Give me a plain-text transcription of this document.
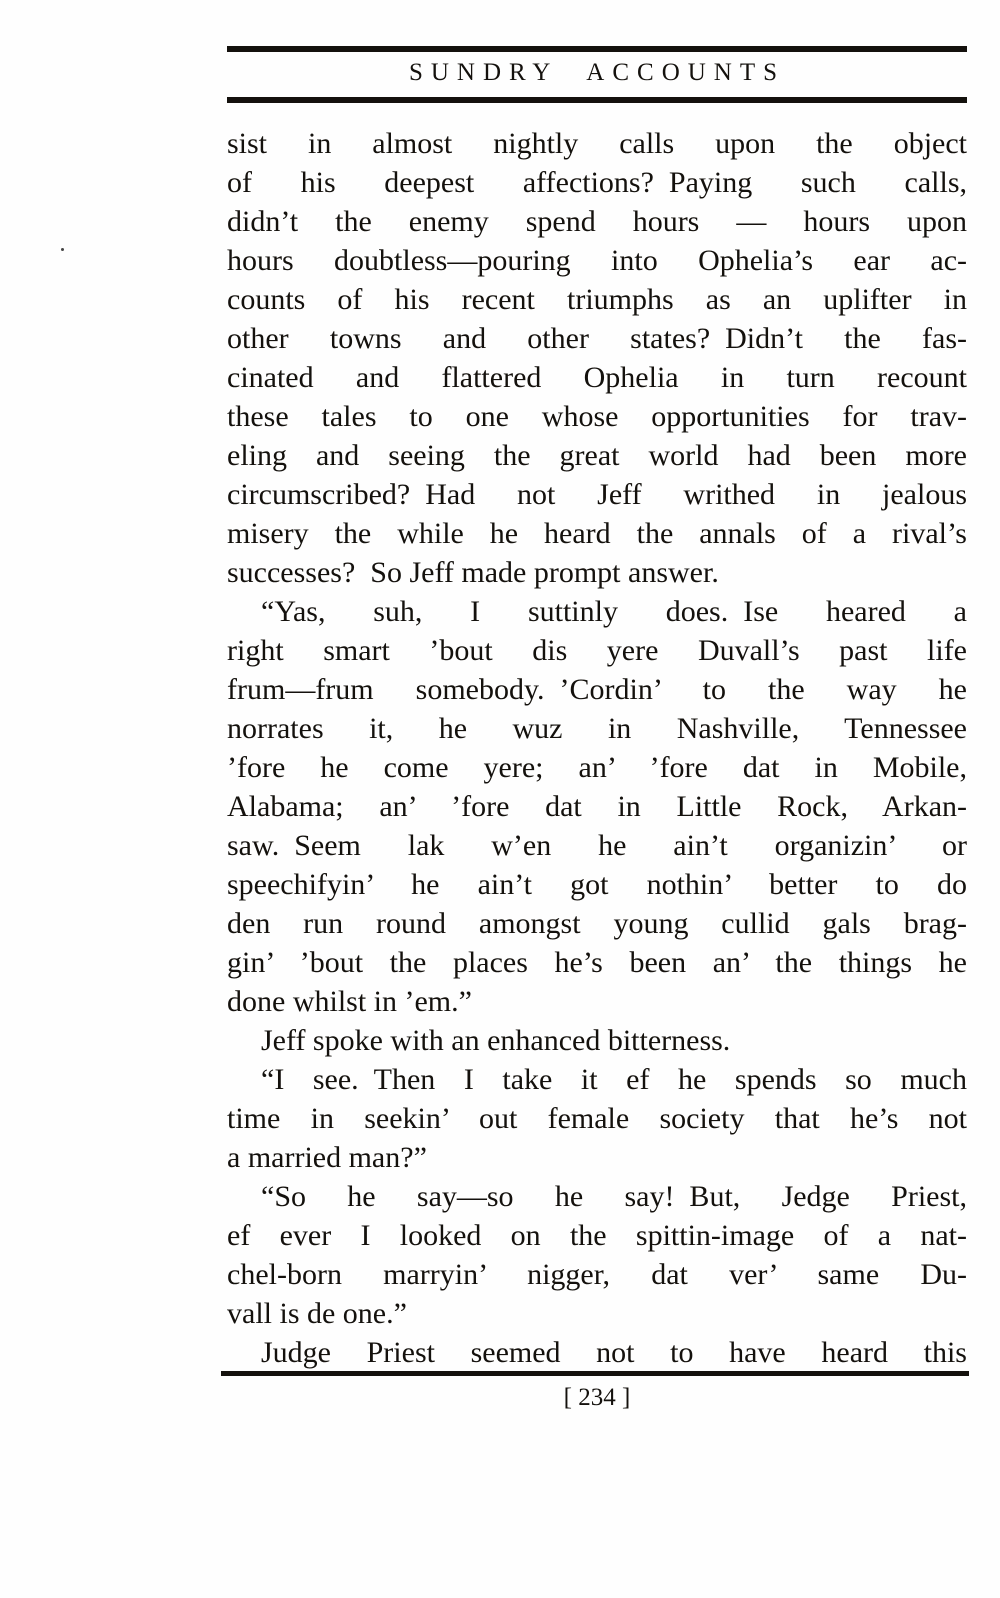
SUNDRY ACCOUNTS
sist in almost nightly calls upon the object
of his deepest affections? Paying such calls,
didn’t the enemy spend hours — hours upon
hours doubtless—pouring into Ophelia’s ear ac-
counts of his recent triumphs as an uplifter in
other towns and other states? Didn’t the fas-
cinated and flattered Ophelia in turn recount
these tales to one whose opportunities for trav-
eling and seeing the great world had been more
circumscribed? Had not Jeff writhed in jealous
misery the while he heard the annals of a rival’s
successes? So Jeff made prompt answer.
“Yas, suh, I suttinly does. Ise heared a
right smart ’bout dis yere Duvall’s past life
frum—frum somebody. ’Cordin’ to the way he
norrates it, he wuz in Nashville, Tennessee
’fore he come yere; an’ ’fore dat in Mobile,
Alabama; an’ ’fore dat in Little Rock, Arkan-
saw. Seem lak w’en he ain’t organizin’ or
speechifyin’ he ain’t got nothin’ better to do
den run round amongst young cullid gals brag-
gin’ ’bout the places he’s been an’ the things he
done whilst in ’em.”
Jeff spoke with an enhanced bitterness.
“I see. Then I take it ef he spends so much
time in seekin’ out female society that he’s not
a married man?”
“So he say—so he say! But, Jedge Priest,
ef ever I looked on the spittin-image of a nat-
chel-born marryin’ nigger, dat ver’ same Du-
vall is de one.”
Judge Priest seemed not to have heard this
[ 234 ]
